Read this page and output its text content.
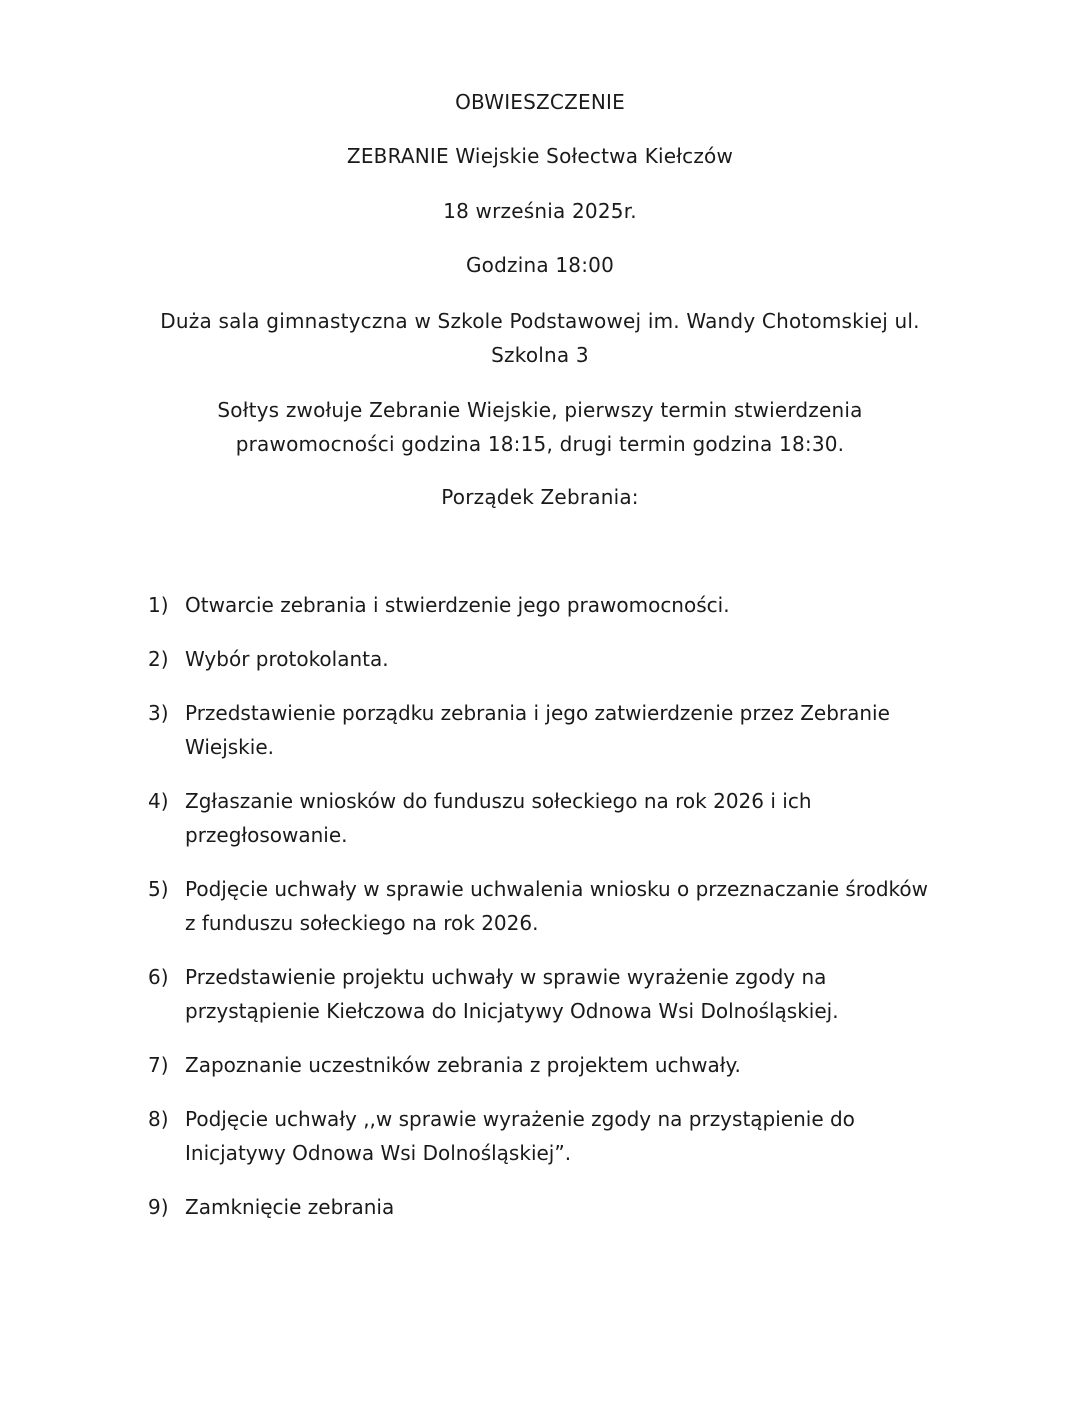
OBWIESZCZENIE
ZEBRANIE Wiejskie Sołectwa Kiełczów
18 września 2025r.
Godzina 18:00
Duża sala gimnastyczna w Szkole Podstawowej im. Wandy Chotomskiej ul. Szkolna 3
Sołtys zwołuje Zebranie Wiejskie, pierwszy termin stwierdzenia prawomocności godzina 18:15, drugi termin godzina 18:30.
Porządek Zebrania:
1) Otwarcie zebrania i stwierdzenie jego prawomocności.
2) Wybór protokolanta.
3) Przedstawienie porządku zebrania i jego zatwierdzenie przez Zebranie Wiejskie.
4) Zgłaszanie wniosków do funduszu sołeckiego na rok 2026 i ich przegłosowanie.
5) Podjęcie uchwały w sprawie uchwalenia wniosku o przeznaczanie środków z funduszu sołeckiego na rok 2026.
6) Przedstawienie projektu uchwały w sprawie wyrażenie zgody na przystąpienie Kiełczowa do Inicjatywy Odnowa Wsi Dolnośląskiej.
7) Zapoznanie uczestników zebrania z projektem uchwały.
8) Podjęcie uchwały ,,w sprawie wyrażenie zgody na przystąpienie do Inicjatywy Odnowa Wsi Dolnośląskiej”.
9) Zamknięcie zebrania
